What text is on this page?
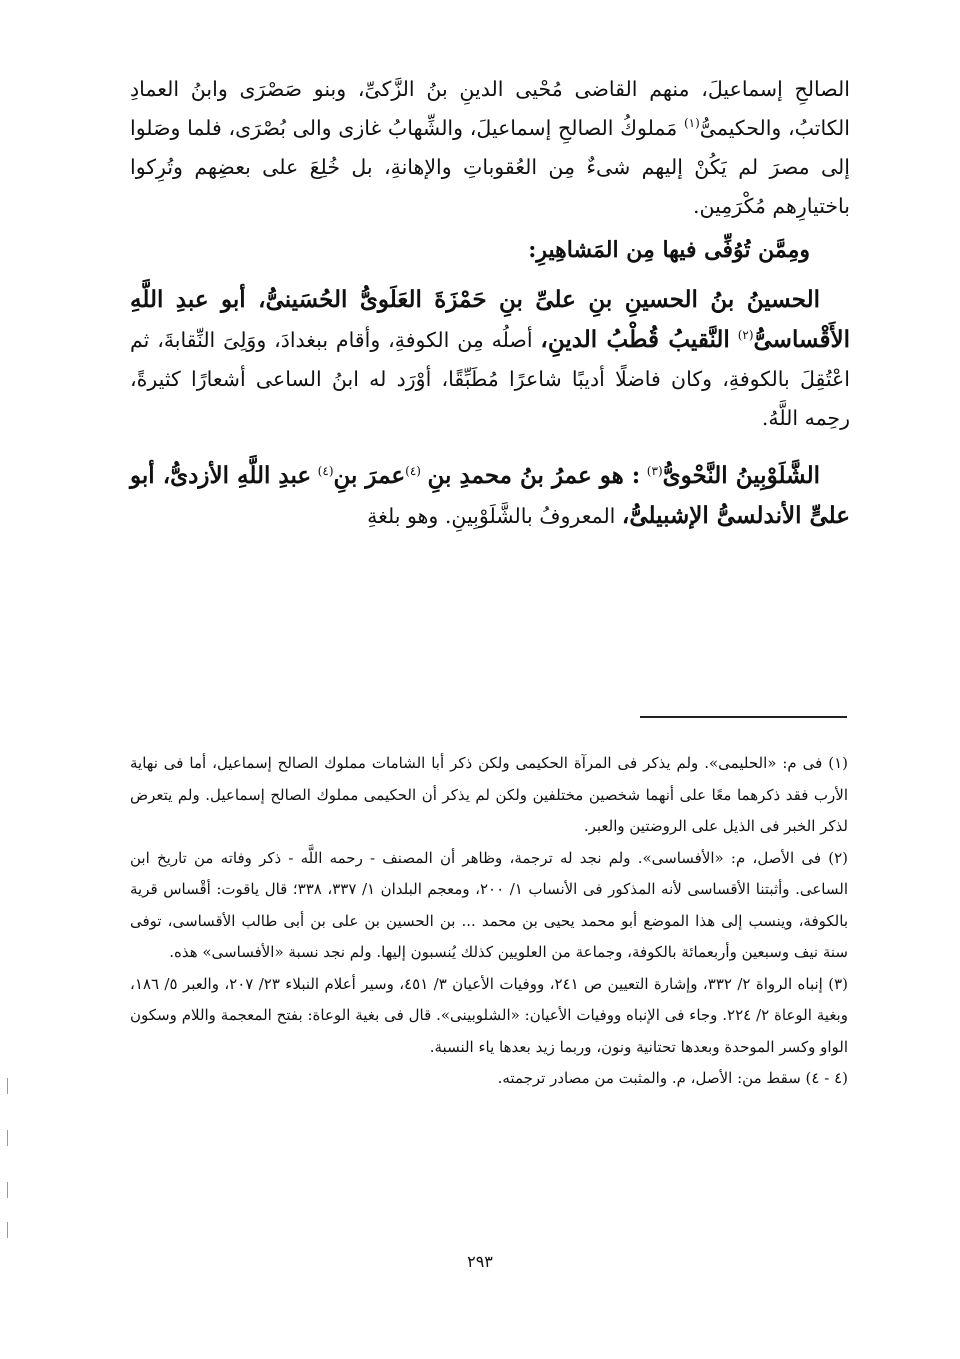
الصالحِ إسماعيلَ، منهم القاضى مُحْيى الدينِ بنُ الزَّكىِّ، وبنو صَصْرَى وابنُ العمادِ الكاتبُ، والحكيمىُّ$^{(١)}$ مَملوكُ الصالحِ إسماعيلَ، والشِّهابُ غازى والى بُصْرَى، فلما وصَلوا إلى مصرَ لم يَكُنْ إليهم شىءٌ مِن العُقوباتِ والإهانةِ، بل خُلِعَ على بعضِهم وتُرِكوا باختيارِهم مُكْرَمِين.

ومِمَّن تُوُفِّى فيها مِن المَشاهِيرِ:

الحسينُ بنُ الحسينِ بنِ علىِّ بنِ حَمْزَةَ العَلَوىُّ الحُسَينىُّ، أبو عبدِ اللَّهِ الأَقْساسىُّ$^{(٢)}$ النَّقيبُ قُطْبُ الدينِ، أصلُه مِن الكوفةِ، وأقام ببغدادَ، ووَلِىَ النِّقابةَ، ثم اعْتُقِلَ بالكوفةِ، وكان فاضلًا أديبًا شاعرًا مُطَبِّقًا، أوْرَد له ابنُ الساعى أشعارًا كثيرةً، رحِمه اللَّهُ.

الشَّلَوْبِينُ النَّحْوىُّ$^{(٣)}$ : هو عمرُ بنُ محمدِ بنِ $^{(٤)}$عمرَ بنِ$^{(٤)}$ عبدِ اللَّهِ الأزدىُّ، أبو علىٍّ الأندلسىُّ الإشبيلىُّ، المعروفُ بالشَّلَوْبِينِ. وهو بلغةِ

(١) فى م: «الحليمى». ولم يذكر فى المرآة الحكيمى ولكن ذكر أبا الشامات مملوك الصالح إسماعيل، أما فى نهاية الأرب فقد ذكرهما معًا على أنهما شخصين مختلفين ولكن لم يذكر أن الحكيمى مملوك الصالح إسماعيل. ولم يتعرض لذكر الخبر فى الذيل على الروضتين والعبر.

(٢) فى الأصل، م: «الأفساسى». ولم نجد له ترجمة، وظاهر أن المصنف - رحمه اللَّه - ذكر وفاته من تاريخ ابن الساعى. وأثبتنا الأقساسى لأنه المذكور فى الأنساب ١/ ٢٠٠، ومعجم البلدان ١/ ٣٣٧، ٣٣٨؛ قال ياقوت: أقْساس قرية بالكوفة، وينسب إلى هذا الموضع أبو محمد يحيى بن محمد ... بن الحسين بن على بن أبى طالب الأقساسى، توفى سنة نيف وسبعين وأربعمائة بالكوفة، وجماعة من العلويين كذلك يُنسبون إليها. ولم نجد نسبة «الأفساسى» هذه.

(٣) إنباه الرواة ٢/ ٣٣٢، وإشارة التعيين ص ٢٤١، ووفيات الأعيان ٣/ ٤٥١، وسير أعلام النبلاء ٢٣/ ٢٠٧، والعبر ٥/ ١٨٦، وبغية الوعاة ٢/ ٢٢٤. وجاء فى الإنباه ووفيات الأعيان: «الشلوبينى». قال فى بغية الوعاة: بفتح المعجمة واللام وسكون الواو وكسر الموحدة وبعدها تحتانية ونون، وربما زيد بعدها ياء النسبة.

(٤ - ٤) سقط من: الأصل، م. والمثبت من مصادر ترجمته.

٢٩٣
